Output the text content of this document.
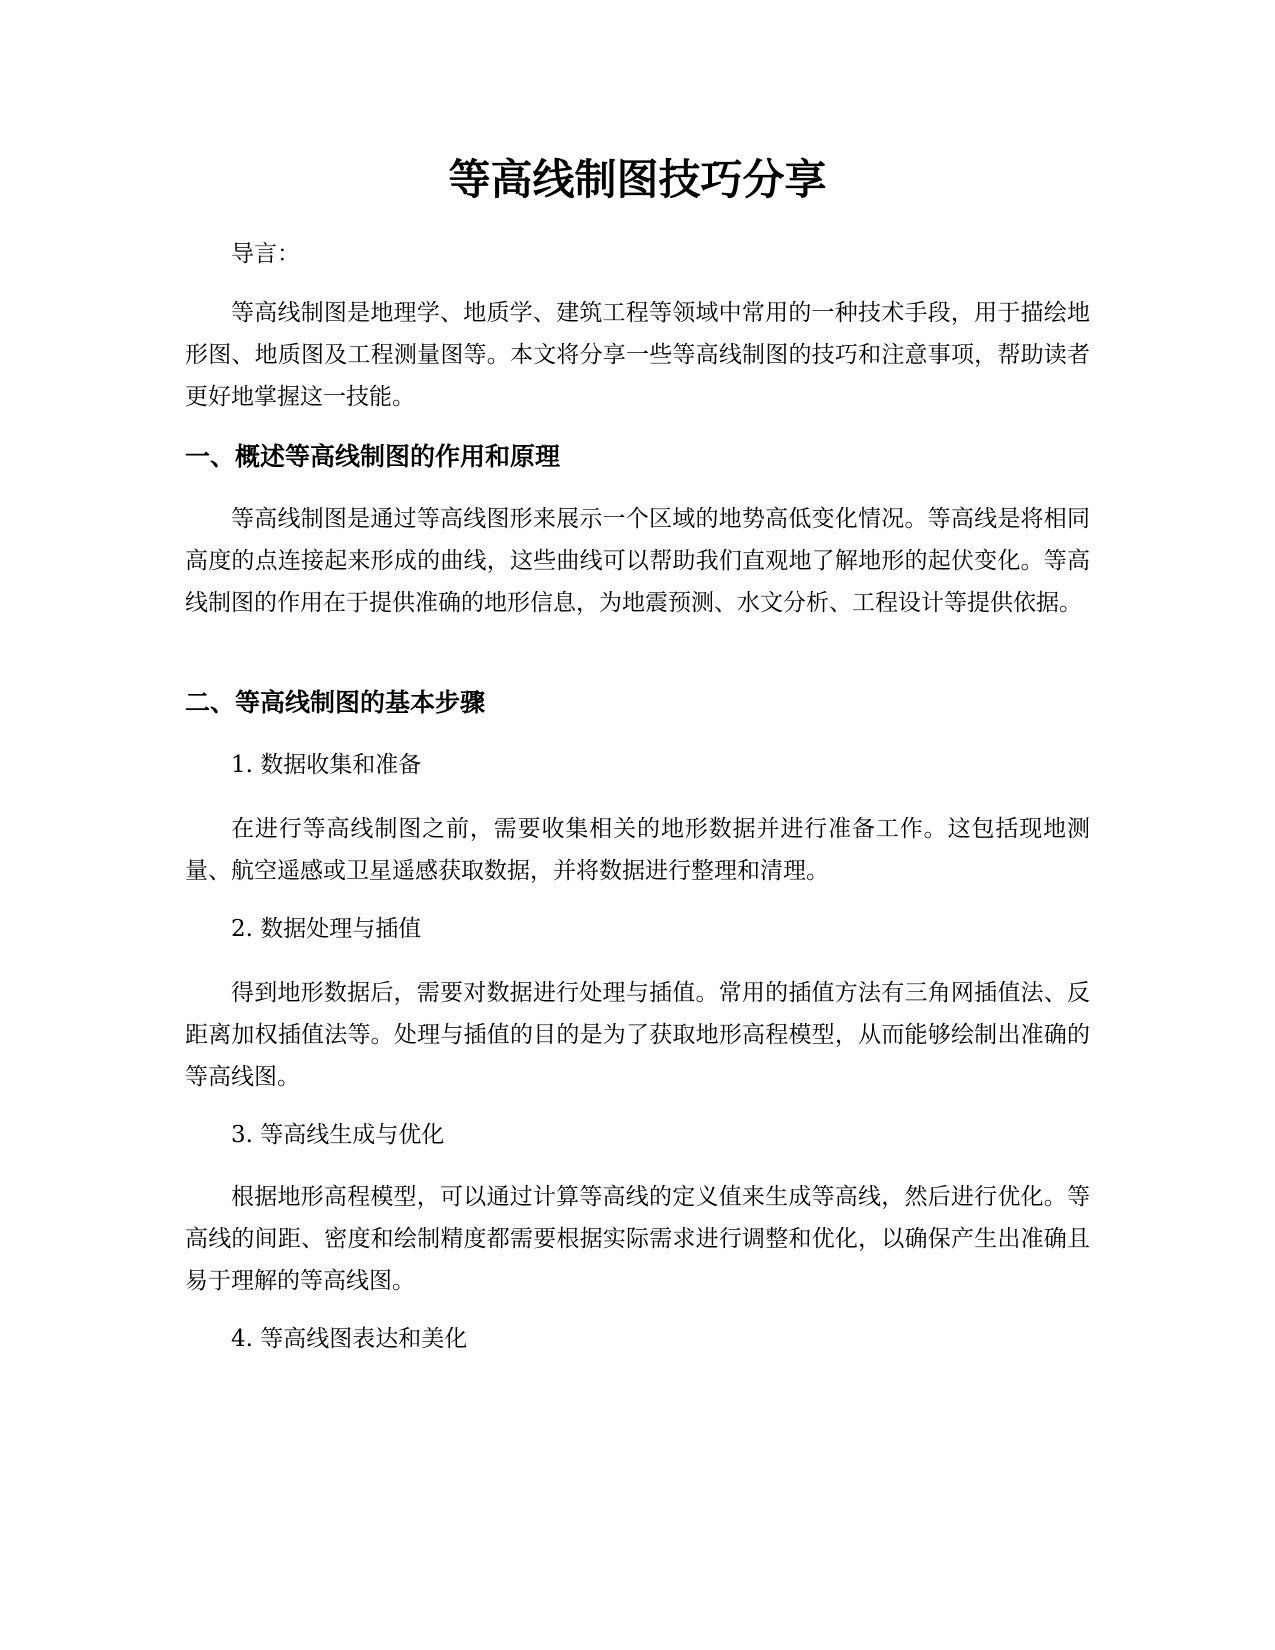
等高线制图技巧分享

导言：

等高线制图是地理学、地质学、建筑工程等领域中常用的一种技术手段，用于描绘地形图、地质图及工程测量图等。本文将分享一些等高线制图的技巧和注意事项，帮助读者更好地掌握这一技能。

一、概述等高线制图的作用和原理

等高线制图是通过等高线图形来展示一个区域的地势高低变化情况。等高线是将相同高度的点连接起来形成的曲线，这些曲线可以帮助我们直观地了解地形的起伏变化。等高线制图的作用在于提供准确的地形信息，为地震预测、水文分析、工程设计等提供依据。

二、等高线制图的基本步骤

1. 数据收集和准备

在进行等高线制图之前，需要收集相关的地形数据并进行准备工作。这包括现地测量、航空遥感或卫星遥感获取数据，并将数据进行整理和清理。

2. 数据处理与插值

得到地形数据后，需要对数据进行处理与插值。常用的插值方法有三角网插值法、反距离加权插值法等。处理与插值的目的是为了获取地形高程模型，从而能够绘制出准确的等高线图。

3. 等高线生成与优化

根据地形高程模型，可以通过计算等高线的定义值来生成等高线，然后进行优化。等高线的间距、密度和绘制精度都需要根据实际需求进行调整和优化，以确保产生出准确且易于理解的等高线图。

4. 等高线图表达和美化
